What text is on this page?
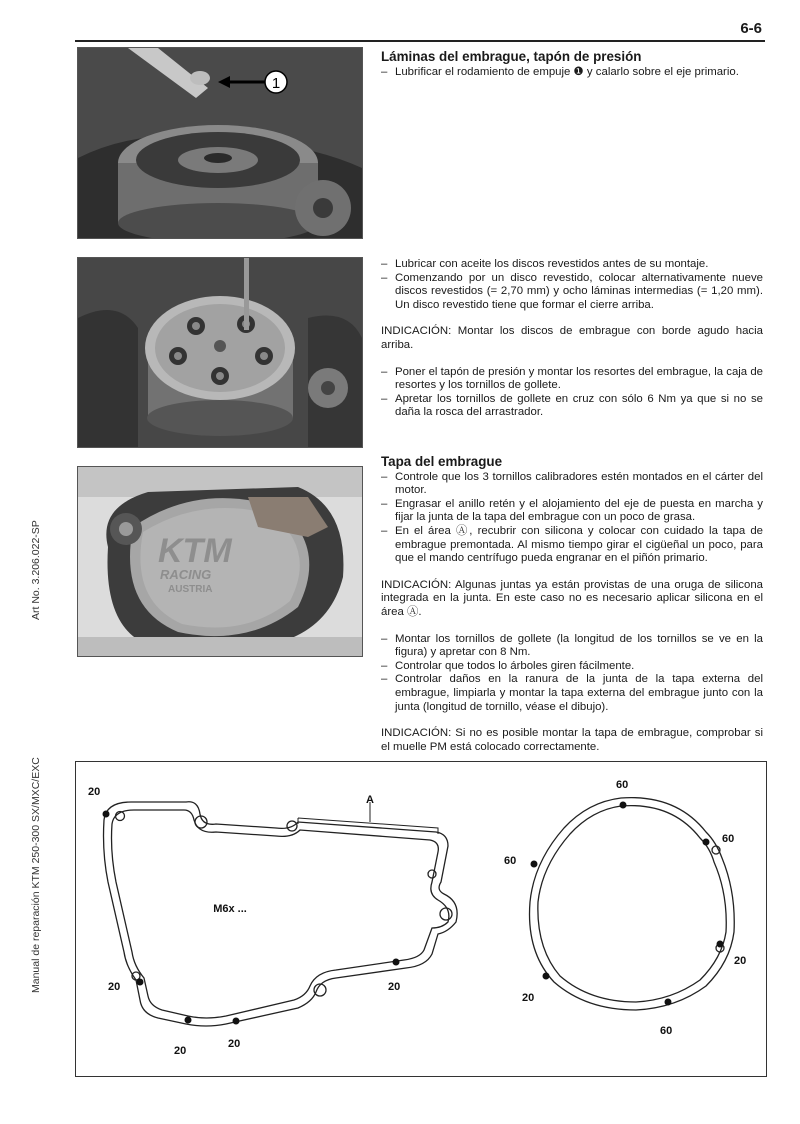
6-6
Art No. 3.206.022-SP
Manual de reparación KTM 250-300 SX/MXC/EXC
1
KTM
RACING
AUSTRIA
Láminas del embrague, tapón de presión
– Lubrificar el rodamiento de empuje ❶ y calarlo sobre el eje primario.
– Lubricar con aceite los discos revestidos antes de su montaje.
– Comenzando por un disco revestido, colocar alternativamente nueve discos revestidos (= 2,70 mm) y ocho láminas intermedias (= 1,20 mm). Un disco revestido tiene que formar el cierre arriba.

INDICACIÓN: Montar los discos de embrague con borde agudo hacia arriba.

– Poner el tapón de presión y montar los resortes del embrague, la caja de resortes y los tornillos de gollete.
– Apretar los tornillos de gollete en cruz con sólo 6 Nm ya que si no se daña la rosca del arrastrador.
Tapa del embrague
– Controle que los 3 tornillos calibradores estén montados en el cárter del motor.
– Engrasar el anillo retén y el alojamiento del eje de puesta en marcha y fijar la junta de la tapa del embrague con un poco de grasa.
– En el área Ⓐ, recubrir con silicona y colocar con cuidado la tapa de embrague premontada. Al mismo tiempo girar el cigüeñal un poco, para que el mando centrífugo pueda engranar en el piñón primario.

INDICACIÓN: Algunas juntas ya están provistas de una oruga de silicona integrada en la junta. En este caso no es necesario aplicar silicona en el área Ⓐ.

– Montar los tornillos de gollete (la longitud de los tornillos se ve en la figura) y apretar con 8 Nm.
– Controlar que todos lo árboles giren fácilmente.
– Controlar daños en la ranura de la junta de la tapa externa del embrague, limpiarla y montar la tapa externa del embrague junto con la junta (longitud de tornillo, véase el dibujo).

INDICACIÓN: Si no es posible montar la tapa de embrague, comprobar si el muelle PM está colocado correctamente.

A
M6x ...
20
20
20
20
20
60
60
60
20
20
60
